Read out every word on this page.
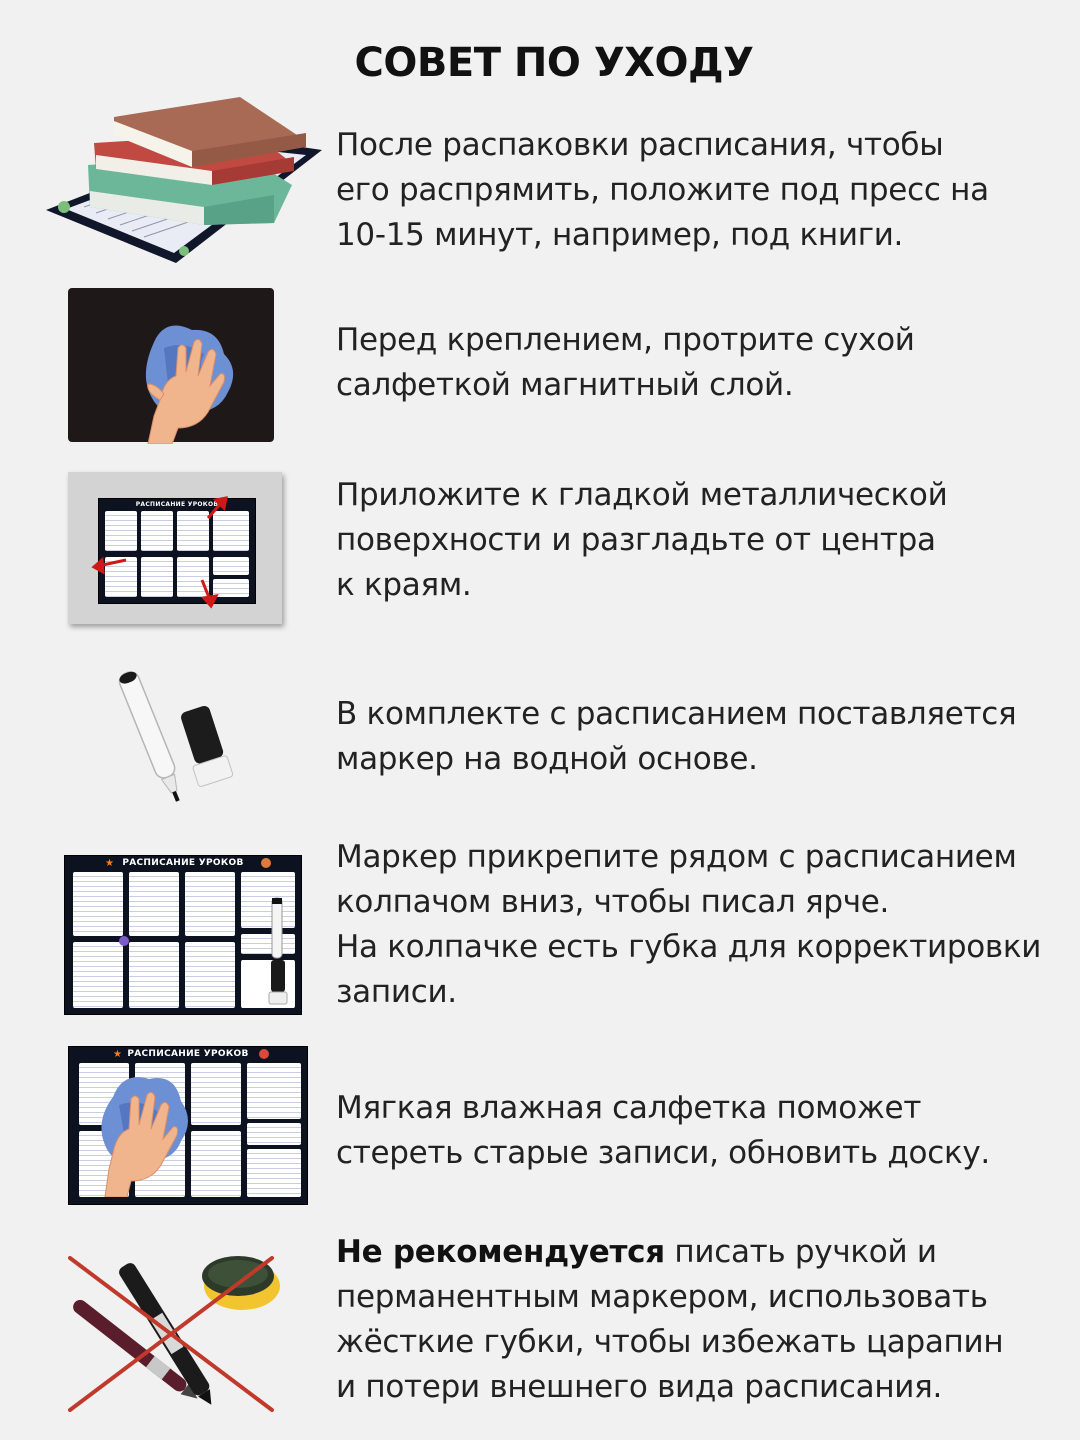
СОВЕТ ПО УХОДУ
После распаковки расписания, чтобы
его распрямить, положите под пресс на
10-15 минут, например, под книги.
Перед креплением, протрите сухой
салфеткой магнитный слой.
РАСПИСАНИЕ УРОКОВ	Приложите к гладкой металлической
поверхности и разгладьте от центра
к краям.
В комплекте с расписанием поставляется
маркер на водной основе.
РАСПИСАНИЕ УРОКОВ
★	Маркер прикрепите рядом с расписанием
колпачом вниз, чтобы писал ярче.
На колпачке есть губка для корректировки
записи.
РАСПИСАНИЕ УРОКОВ
★
Мягкая влажная салфетка поможет
стереть старые записи, обновить доску.
Не рекомендуется писать ручкой и
перманентным маркером, использовать
жёсткие губки, чтобы избежать царапин
и потери внешнего вида расписания.
